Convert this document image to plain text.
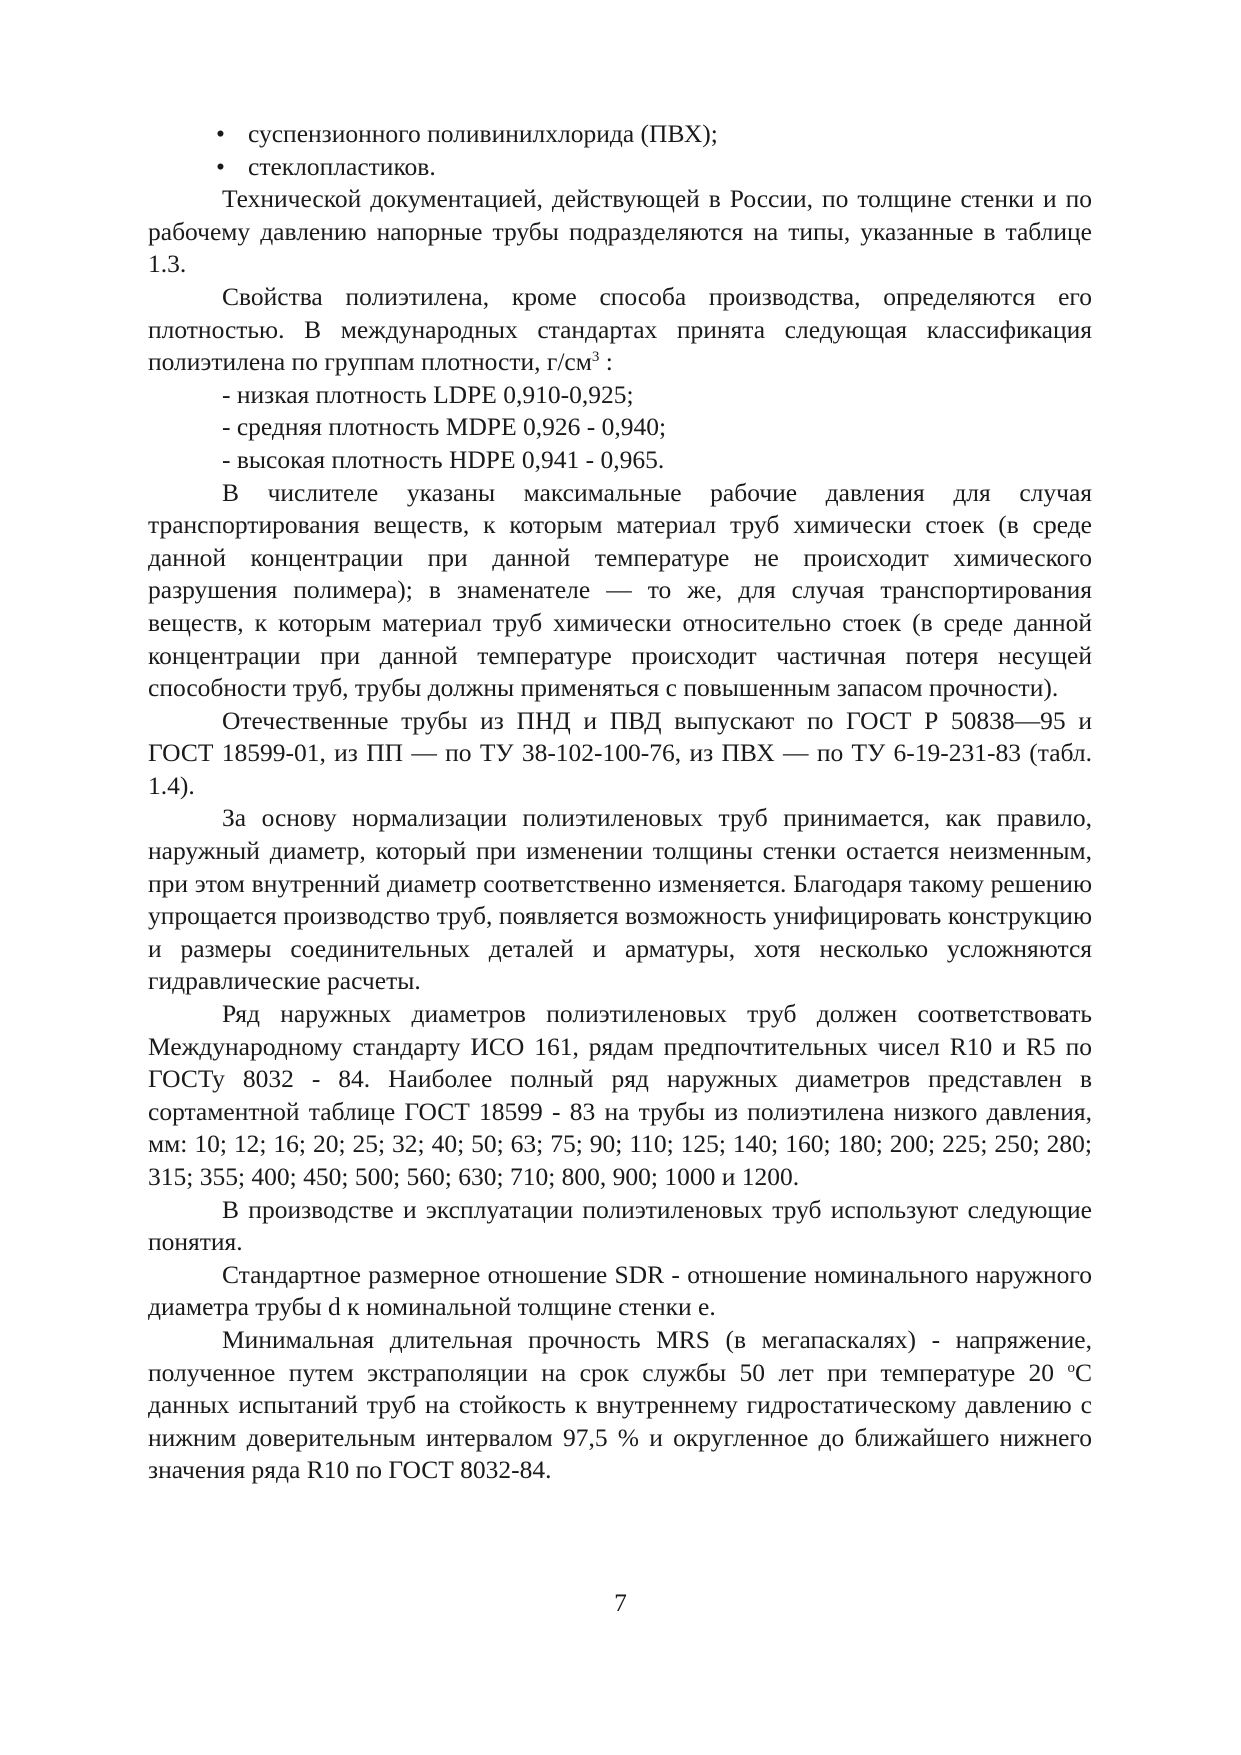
• суспензионного поливинилхлорида (ПВХ);
• стеклопластиков.

Технической документацией, действующей в России, по толщине стенки и по рабочему давлению напорные трубы подразделяются на типы, указанные в таблице 1.3.

Свойства полиэтилена, кроме способа производства, определяются его плотностью. В международных стандартах принята следующая классификация полиэтилена по группам плотности, $г/см^3$ :

- низкая плотность LDPE 0,910-0,925;

- средняя плотность MDPE 0,926 - 0,940;

- высокая плотность HDPE 0,941 - 0,965.

В числителе указаны максимальные рабочие давления для случая транспортирования веществ, к которым материал труб химически стоек (в среде данной концентрации при данной температуре не происходит химического разрушения полимера); в знаменателе — то же, для случая транспортирования веществ, к которым материал труб химически относительно стоек (в среде данной концентрации при данной температуре происходит частичная потеря несущей способности труб, трубы должны применяться с повышенным запасом прочности).

Отечественные трубы из ПНД и ПВД выпускают по ГОСТ Р 50838—95 и ГОСТ 18599-01, из ПП — по ТУ 38-102-100-76, из ПВХ — по ТУ 6-19-231-83 (табл. 1.4).

За основу нормализации полиэтиленовых труб принимается, как правило, наружный диаметр, который при изменении толщины стенки остается неизменным, при этом внутренний диаметр соответственно изменяется. Благодаря такому решению упрощается производство труб, появляется возможность унифицировать конструкцию и размеры соединительных деталей и арматуры, хотя несколько усложняются гидравлические расчеты.

Ряд наружных диаметров полиэтиленовых труб должен соответствовать Международному стандарту ИСО 161, рядам предпочтительных чисел R10 и R5 по ГОСТу 8032 - 84. Наиболее полный ряд наружных диаметров представлен в сортаментной таблице ГОСТ 18599 - 83 на трубы из полиэтилена низкого давления, мм: 10; 12; 16; 20; 25; 32; 40; 50; 63; 75; 90; 110; 125; 140; 160; 180; 200; 225; 250; 280; 315; 355; 400; 450; 500; 560; 630; 710; 800, 900; 1000 и 1200.

В производстве и эксплуатации полиэтиленовых труб используют следующие понятия.

Стандартное размерное отношение SDR - отношение номинального наружного диаметра трубы d к номинальной толщине стенки е.

Минимальная длительная прочность MRS (в мегапаскалях) - напряжение, полученное путем экстраполяции на срок службы 50 лет при температуре 20 $^o$С данных испытаний труб на стойкость к внутреннему гидростатическому давлению с нижним доверительным интервалом 97,5 % и округленное до ближайшего нижнего значения ряда R10 по ГОСТ 8032-84.

7
